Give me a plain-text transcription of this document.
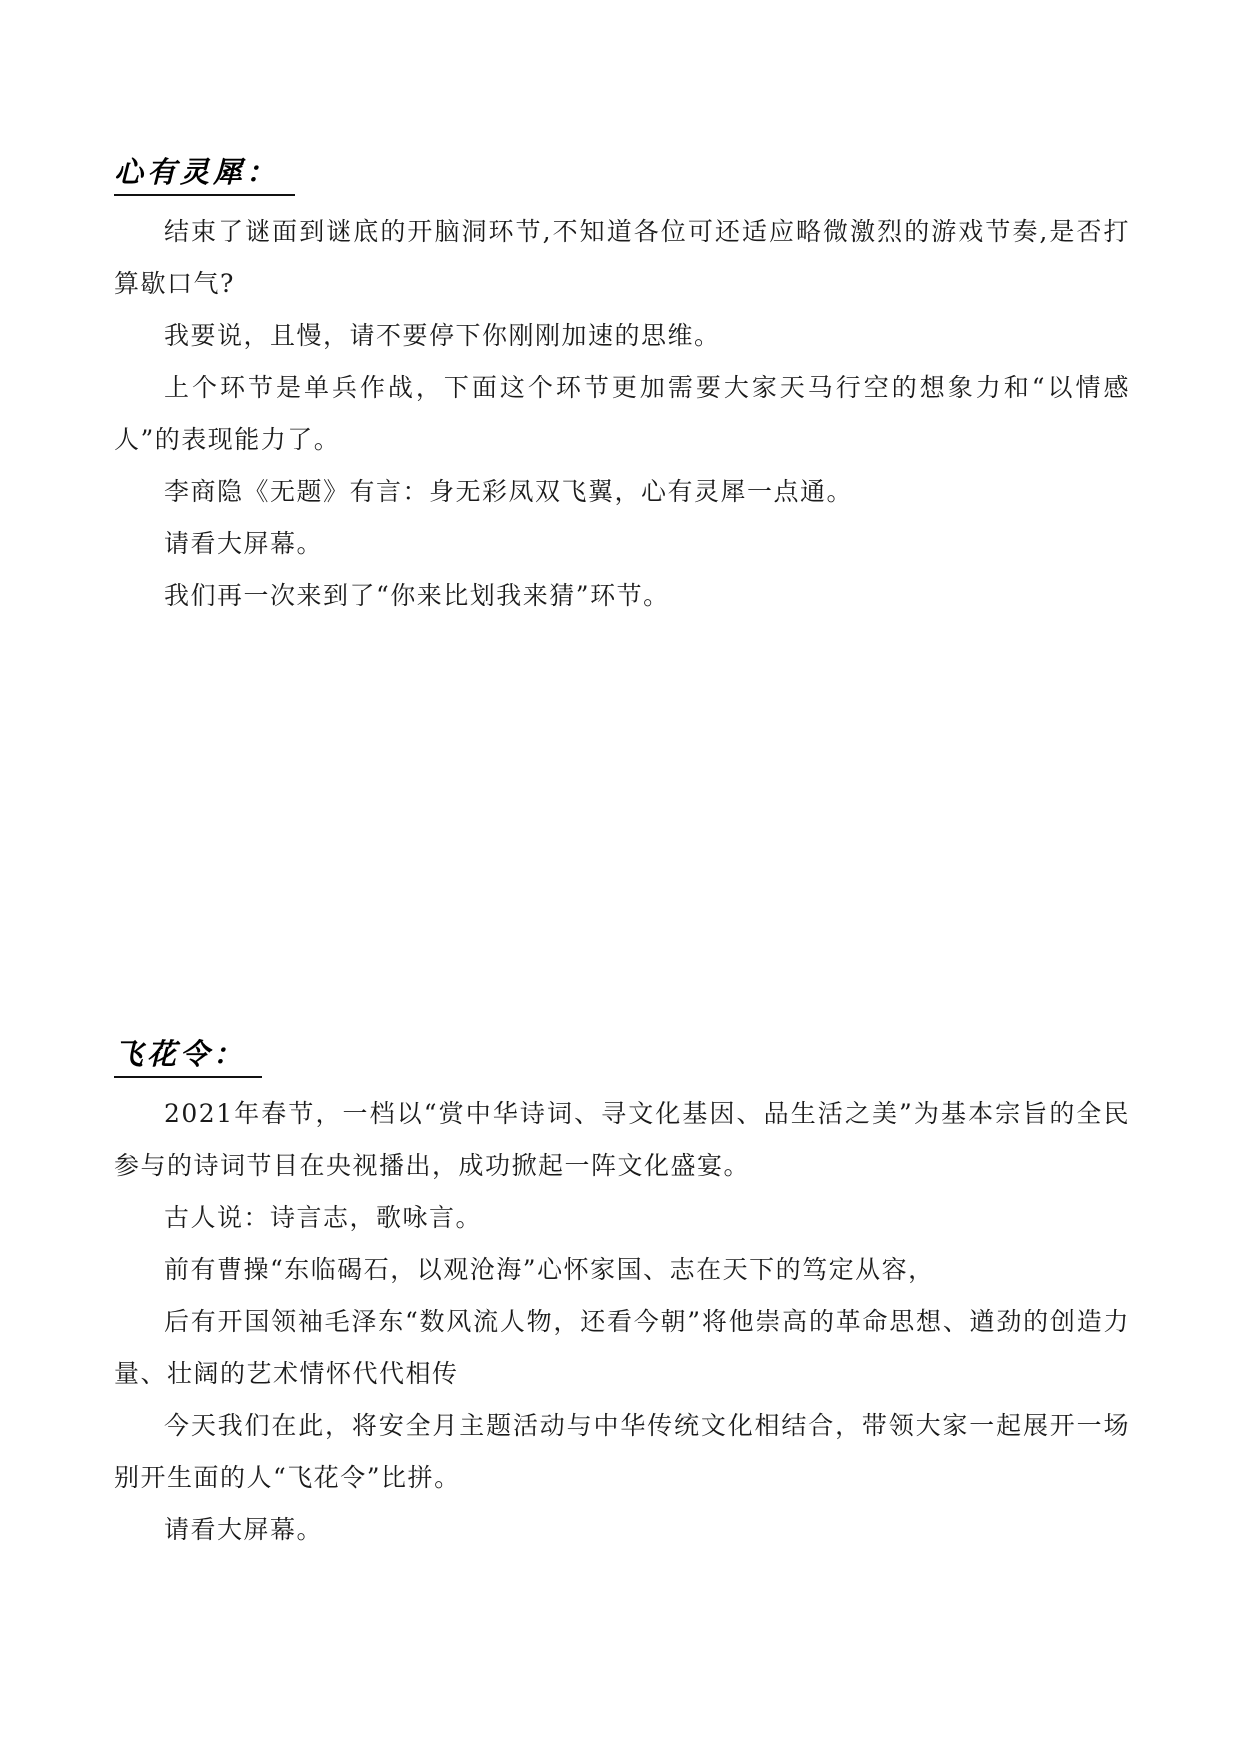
心有灵犀：

结束了谜面到谜底的开脑洞环节,不知道各位可还适应略微激烈的游戏节奏,是否打算歇口气?

我要说，且慢，请不要停下你刚刚加速的思维。

上个环节是单兵作战，下面这个环节更加需要大家天马行空的想象力和“以情感人”的表现能力了。

李商隐《无题》有言：身无彩凤双飞翼，心有灵犀一点通。

请看大屏幕。

我们再一次来到了“你来比划我来猜”环节。

飞花令：

2021年春节，一档以“赏中华诗词、寻文化基因、品生活之美”为基本宗旨的全民参与的诗词节目在央视播出，成功掀起一阵文化盛宴。

古人说：诗言志，歌咏言。

前有曹操“东临碣石，以观沧海”心怀家国、志在天下的笃定从容，

后有开国领袖毛泽东“数风流人物，还看今朝”将他崇高的革命思想、遒劲的创造力量、壮阔的艺术情怀代代相传

今天我们在此，将安全月主题活动与中华传统文化相结合，带领大家一起展开一场别开生面的人“飞花令”比拼。

请看大屏幕。
